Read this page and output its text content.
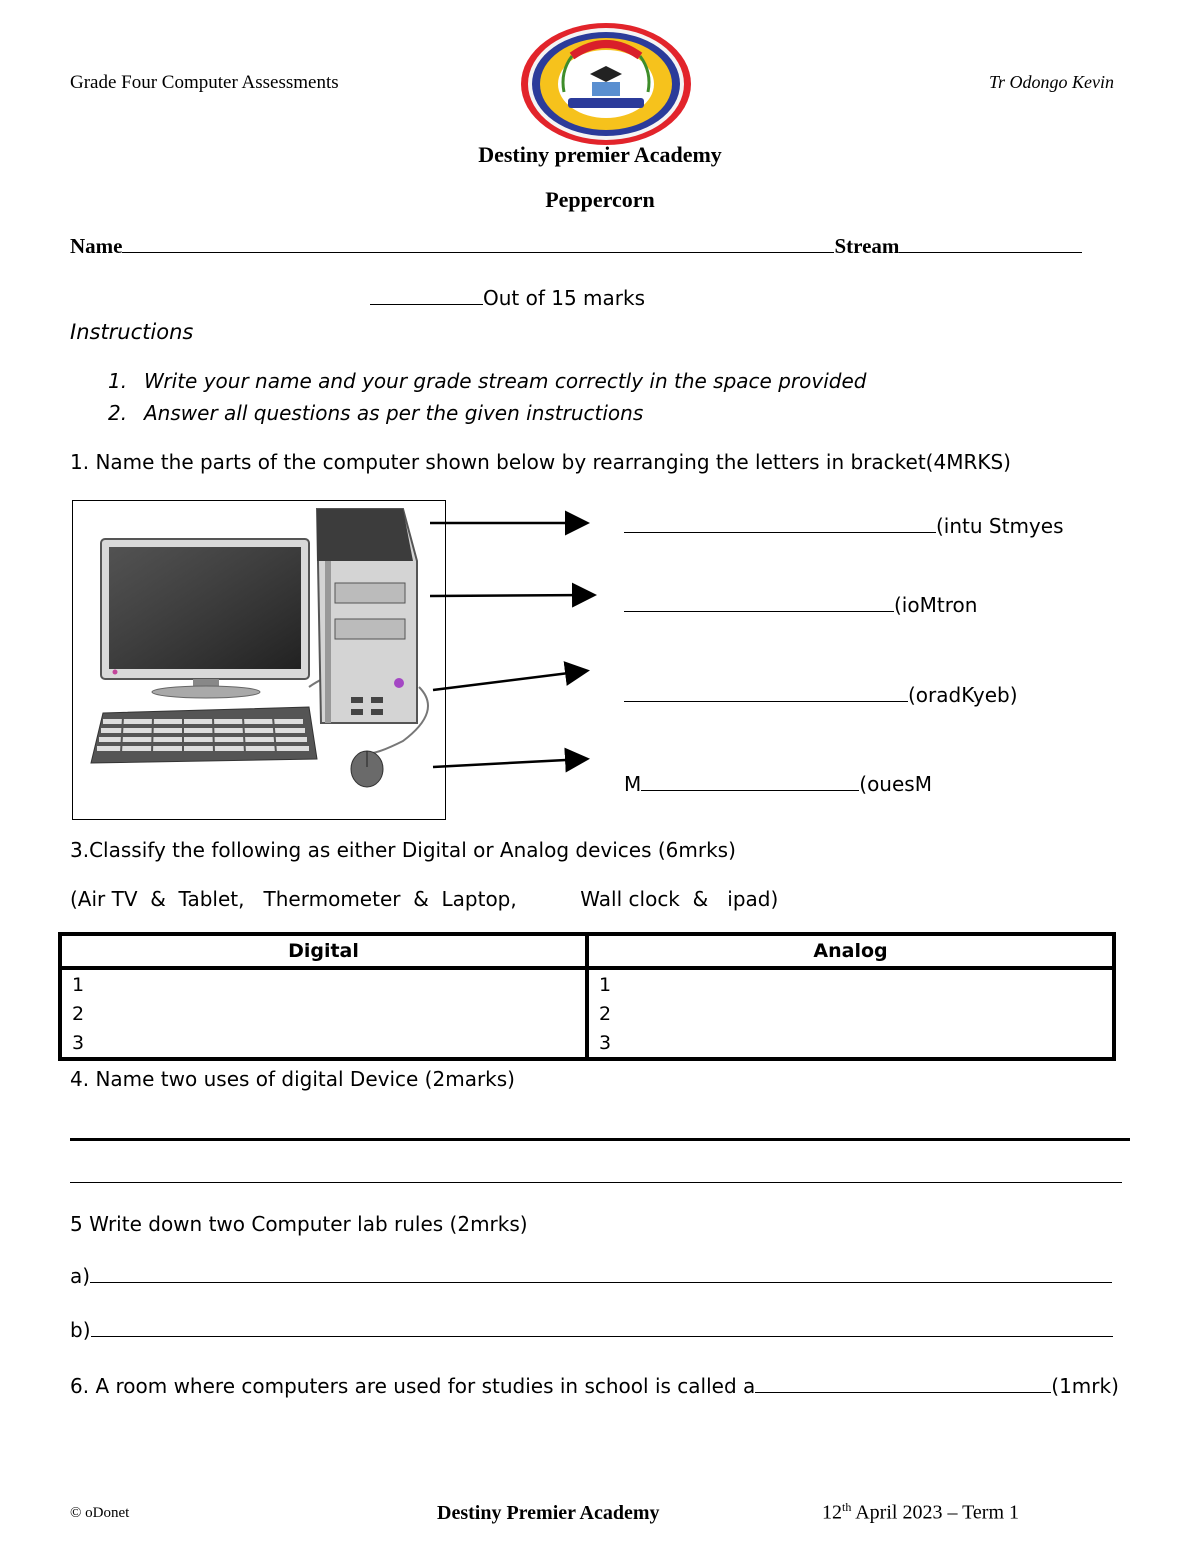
Grade Four Computer Assessments	Tr Odongo Kevin
Destiny premier Academy
Peppercorn
Name	Stream
Out of 15 marks
Instructions
1. Write your name and your grade stream correctly in the space provided
2. Answer all questions as per the given instructions
1. Name the parts of the computer shown below by rearranging the letters in bracket(4MRKS)
(intu Stmyes
(ioMtron
(oradKyeb)
M	(ouesM
3.Classify the following as either Digital or Analog devices (6mrks)
(Air TV  &  Tablet,   Thermometer  &  Laptop,          Wall clock  &   ipad)
Digital	Analog
1	1
2	2
3	3
4. Name two uses of digital Device (2marks)
5 Write down two Computer lab rules (2mrks)
a)
b)
6. A room where computers are used for studies in school is called a	(1mrk)
© oDonet	Destiny Premier Academy	12th April 2023 – Term 1
